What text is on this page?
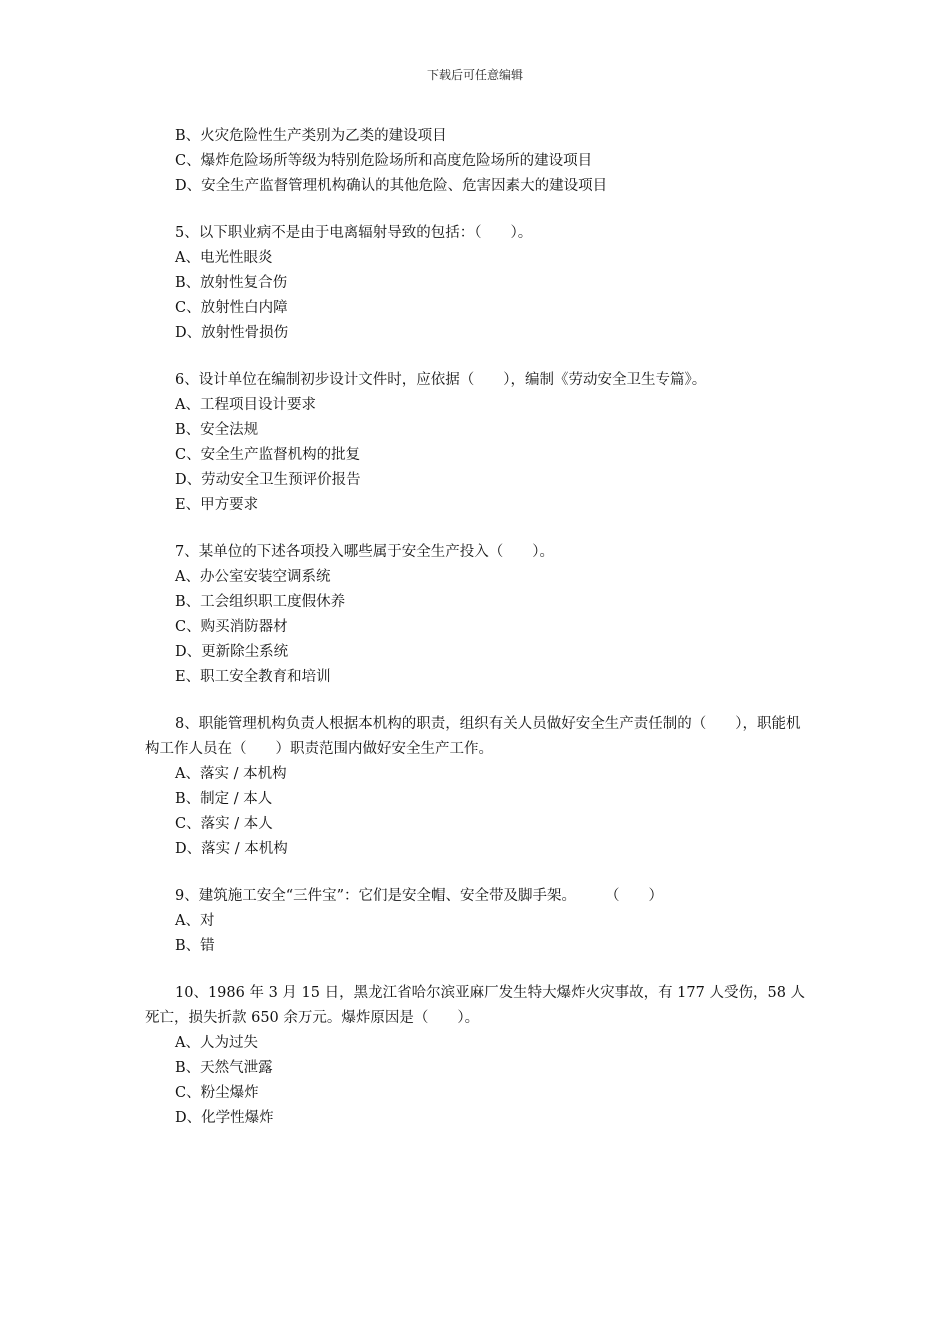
下载后可任意编辑
B、火灾危险性生产类别为乙类的建设项目
C、爆炸危险场所等级为特别危险场所和高度危险场所的建设项目
D、安全生产监督管理机构确认的其他危险、危害因素大的建设项目
5、以下职业病不是由于电离辐射导致的包括：（　　）。
A、电光性眼炎
B、放射性复合伤
C、放射性白内障
D、放射性骨损伤
6、设计单位在编制初步设计文件时，应依据（　　），编制《劳动安全卫生专篇》。
A、工程项目设计要求
B、安全法规
C、安全生产监督机构的批复
D、劳动安全卫生预评价报告
E、甲方要求
7、某单位的下述各项投入哪些属于安全生产投入（　　）。
A、办公室安装空调系统
B、工会组织职工度假休养
C、购买消防器材
D、更新除尘系统
E、职工安全教育和培训
8、职能管理机构负责人根据本机构的职责，组织有关人员做好安全生产责任制的（　　），职能机构工作人员在（　　）职责范围内做好安全生产工作。
A、落实 / 本机构
B、制定 / 本人
C、落实 / 本人
D、落实 / 本机构
9、建筑施工安全“三件宝”：它们是安全帽、安全带及脚手架。　　　（　　）
A、对
B、错
10、1986 年 3 月 15 日，黑龙江省哈尔滨亚麻厂发生特大爆炸火灾事故，有 177 人受伤，58 人死亡，损失折款 650 余万元。爆炸原因是（　　）。
A、人为过失
B、天然气泄露
C、粉尘爆炸
D、化学性爆炸
